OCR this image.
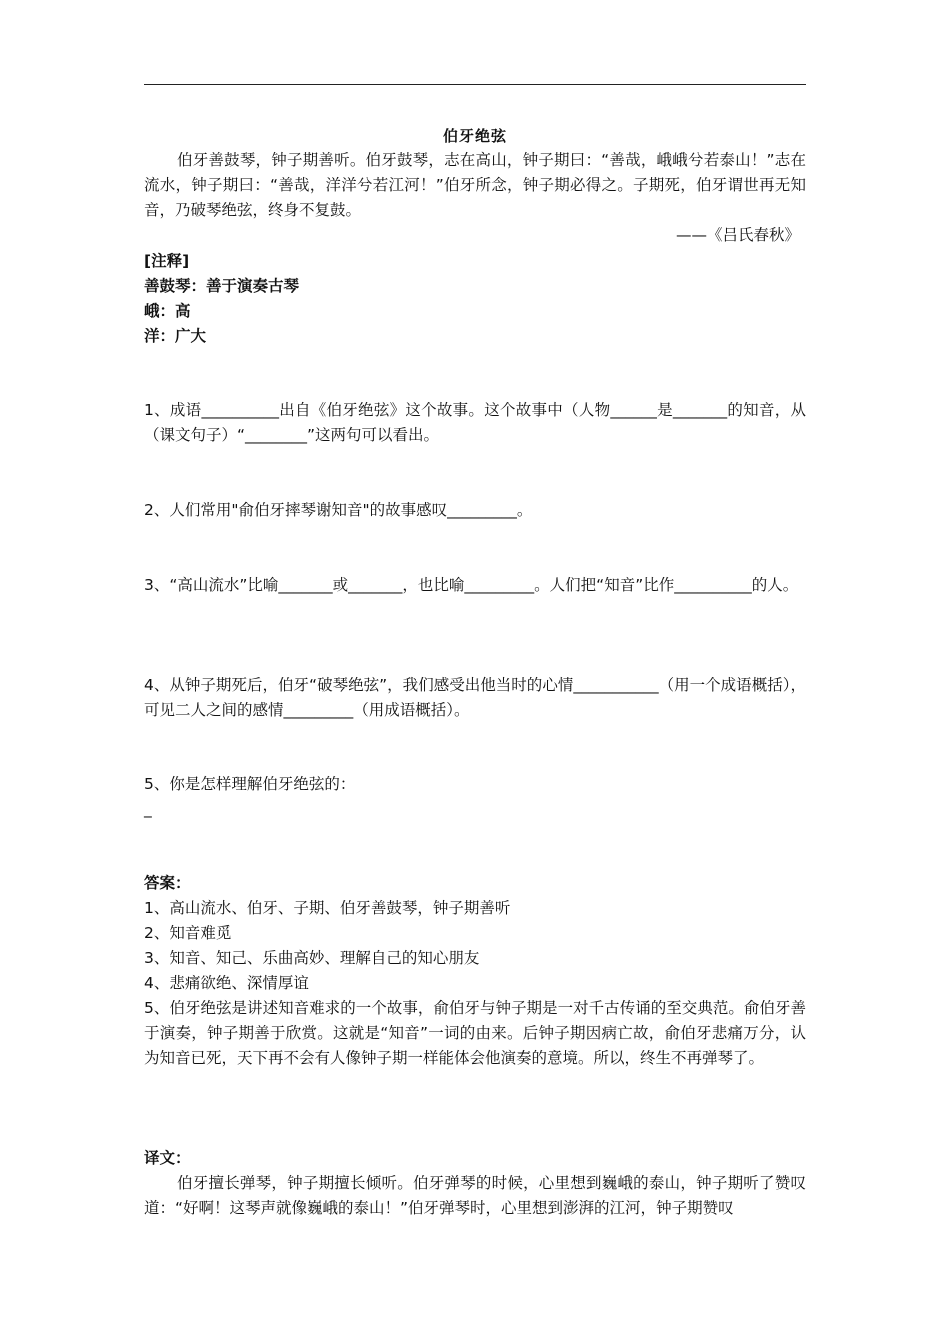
伯牙绝弦
伯牙善鼓琴，钟子期善听。伯牙鼓琴，志在高山，钟子期曰：“善哉，峨峨兮若泰山！”志在流水，钟子期曰：“善哉，洋洋兮若江河！”伯牙所念，钟子期必得之。子期死，伯牙谓世再无知音，乃破琴绝弦，终身不复鼓。
——《吕氏春秋》
[注释]
善鼓琴：善于演奏古琴
峨：高
洋：广大
1、成语__________出自《伯牙绝弦》这个故事。这个故事中（人物______是_______的知音，从（课文句子）“________”这两句可以看出。
2、人们常用"俞伯牙摔琴谢知音"的故事感叹_________。
3、“高山流水”比喻_______或_______，也比喻_________。人们把“知音”比作__________的人。
4、从钟子期死后，伯牙“破琴绝弦”，我们感受出他当时的心情___________（用一个成语概括），可见二人之间的感情_________（用成语概括）。
5、你是怎样理解伯牙绝弦的：
_
答案：
1、高山流水、伯牙、子期、伯牙善鼓琴，钟子期善听
2、知音难觅
3、知音、知己、乐曲高妙、理解自己的知心朋友
4、悲痛欲绝、深情厚谊
5、伯牙绝弦是讲述知音难求的一个故事，俞伯牙与钟子期是一对千古传诵的至交典范。俞伯牙善于演奏，钟子期善于欣赏。这就是“知音”一词的由来。后钟子期因病亡故，俞伯牙悲痛万分，认为知音已死，天下再不会有人像钟子期一样能体会他演奏的意境。所以，终生不再弹琴了。
译文：
伯牙擅长弹琴，钟子期擅长倾听。伯牙弹琴的时候，心里想到巍峨的泰山，钟子期听了赞叹道：“好啊！这琴声就像巍峨的泰山！”伯牙弹琴时，心里想到澎湃的江河，钟子期赞叹
